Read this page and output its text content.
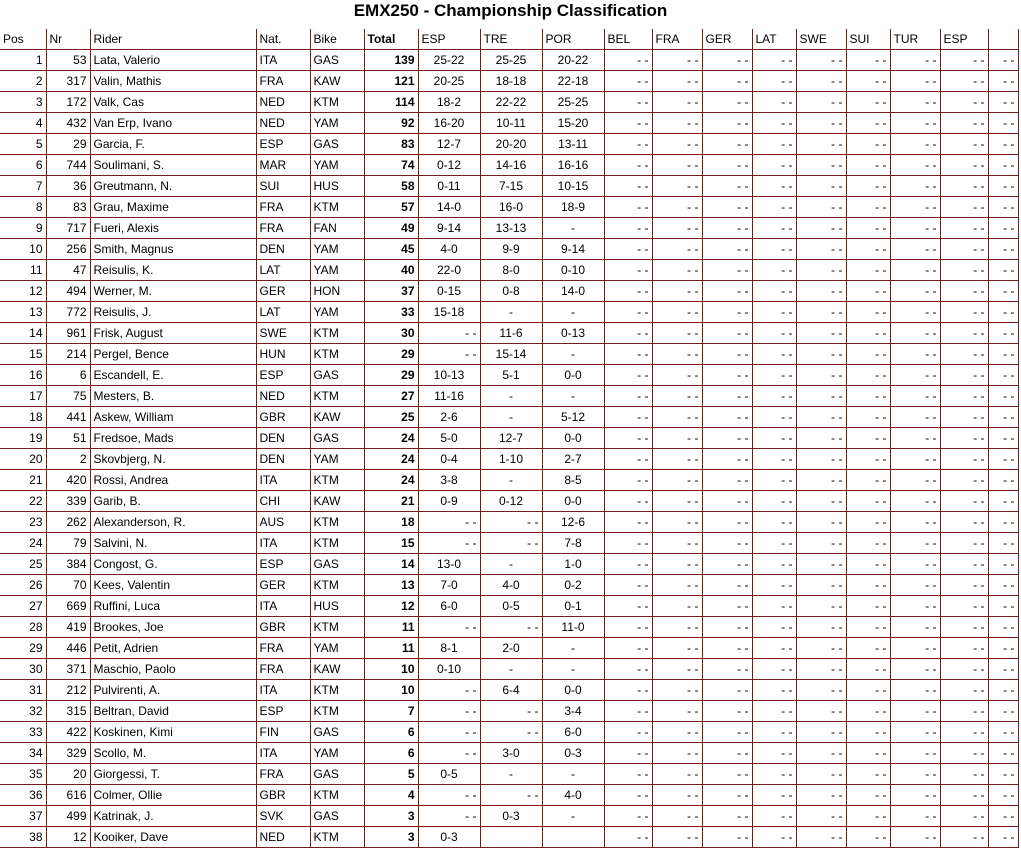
EMX250 - Championship Classification
Pos	Nr	Rider	Nat.	Bike	Total	ESP	TRE	POR	BEL	FRA	GER	LAT	SWE	SUI	TUR	ESP	
1	53	Lata, Valerio	ITA	GAS	139	25-22	25-25	20-22	- -	- -	- -	- -	- -	- -	- -	- -	- -
2	317	Valin, Mathis	FRA	KAW	121	20-25	18-18	22-18	- -	- -	- -	- -	- -	- -	- -	- -	- -
3	172	Valk, Cas	NED	KTM	114	18-2	22-22	25-25	- -	- -	- -	- -	- -	- -	- -	- -	- -
4	432	Van Erp, Ivano	NED	YAM	92	16-20	10-11	15-20	- -	- -	- -	- -	- -	- -	- -	- -	- -
5	29	Garcia, F.	ESP	GAS	83	12-7	20-20	13-11	- -	- -	- -	- -	- -	- -	- -	- -	- -
6	744	Soulimani, S.	MAR	YAM	74	0-12	14-16	16-16	- -	- -	- -	- -	- -	- -	- -	- -	- -
7	36	Greutmann, N.	SUI	HUS	58	0-11	7-15	10-15	- -	- -	- -	- -	- -	- -	- -	- -	- -
8	83	Grau, Maxime	FRA	KTM	57	14-0	16-0	18-9	- -	- -	- -	- -	- -	- -	- -	- -	- -
9	717	Fueri, Alexis	FRA	FAN	49	9-14	13-13	-	- -	- -	- -	- -	- -	- -	- -	- -	- -
10	256	Smith, Magnus	DEN	YAM	45	4-0	9-9	9-14	- -	- -	- -	- -	- -	- -	- -	- -	- -
11	47	Reisulis, K.	LAT	YAM	40	22-0	8-0	0-10	- -	- -	- -	- -	- -	- -	- -	- -	- -
12	494	Werner, M.	GER	HON	37	0-15	0-8	14-0	- -	- -	- -	- -	- -	- -	- -	- -	- -
13	772	Reisulis, J.	LAT	YAM	33	15-18	-	-	- -	- -	- -	- -	- -	- -	- -	- -	- -
14	961	Frisk, August	SWE	KTM	30	- -	11-6	0-13	- -	- -	- -	- -	- -	- -	- -	- -	- -
15	214	Pergel, Bence	HUN	KTM	29	- -	15-14	-	- -	- -	- -	- -	- -	- -	- -	- -	- -
16	6	Escandell, E.	ESP	GAS	29	10-13	5-1	0-0	- -	- -	- -	- -	- -	- -	- -	- -	- -
17	75	Mesters, B.	NED	KTM	27	11-16	-	-	- -	- -	- -	- -	- -	- -	- -	- -	- -
18	441	Askew, William	GBR	KAW	25	2-6	-	5-12	- -	- -	- -	- -	- -	- -	- -	- -	- -
19	51	Fredsoe, Mads	DEN	GAS	24	5-0	12-7	0-0	- -	- -	- -	- -	- -	- -	- -	- -	- -
20	2	Skovbjerg, N.	DEN	YAM	24	0-4	1-10	2-7	- -	- -	- -	- -	- -	- -	- -	- -	- -
21	420	Rossi, Andrea	ITA	KTM	24	3-8	-	8-5	- -	- -	- -	- -	- -	- -	- -	- -	- -
22	339	Garib, B.	CHI	KAW	21	0-9	0-12	0-0	- -	- -	- -	- -	- -	- -	- -	- -	- -
23	262	Alexanderson, R.	AUS	KTM	18	- -	- -	12-6	- -	- -	- -	- -	- -	- -	- -	- -	- -
24	79	Salvini, N.	ITA	KTM	15	- -	- -	7-8	- -	- -	- -	- -	- -	- -	- -	- -	- -
25	384	Congost, G.	ESP	GAS	14	13-0	-	1-0	- -	- -	- -	- -	- -	- -	- -	- -	- -
26	70	Kees, Valentin	GER	KTM	13	7-0	4-0	0-2	- -	- -	- -	- -	- -	- -	- -	- -	- -
27	669	Ruffini, Luca	ITA	HUS	12	6-0	0-5	0-1	- -	- -	- -	- -	- -	- -	- -	- -	- -
28	419	Brookes, Joe	GBR	KTM	11	- -	- -	11-0	- -	- -	- -	- -	- -	- -	- -	- -	- -
29	446	Petit, Adrien	FRA	YAM	11	8-1	2-0	-	- -	- -	- -	- -	- -	- -	- -	- -	- -
30	371	Maschio, Paolo	FRA	KAW	10	0-10	-	-	- -	- -	- -	- -	- -	- -	- -	- -	- -
31	212	Pulvirenti, A.	ITA	KTM	10	- -	6-4	0-0	- -	- -	- -	- -	- -	- -	- -	- -	- -
32	315	Beltran, David	ESP	KTM	7	- -	- -	3-4	- -	- -	- -	- -	- -	- -	- -	- -	- -
33	422	Koskinen, Kimi	FIN	GAS	6	- -	- -	6-0	- -	- -	- -	- -	- -	- -	- -	- -	- -
34	329	Scollo, M.	ITA	YAM	6	- -	3-0	0-3	- -	- -	- -	- -	- -	- -	- -	- -	- -
35	20	Giorgessi, T.	FRA	GAS	5	0-5	-	-	- -	- -	- -	- -	- -	- -	- -	- -	- -
36	616	Colmer, Ollie	GBR	KTM	4	- -	- -	4-0	- -	- -	- -	- -	- -	- -	- -	- -	- -
37	499	Katrinak, J.	SVK	GAS	3	- -	0-3	-	- -	- -	- -	- -	- -	- -	- -	- -	- -
38	12	Kooiker, Dave	NED	KTM	3	0-3			- -	- -	- -	- -	- -	- -	- -	- -	- -
